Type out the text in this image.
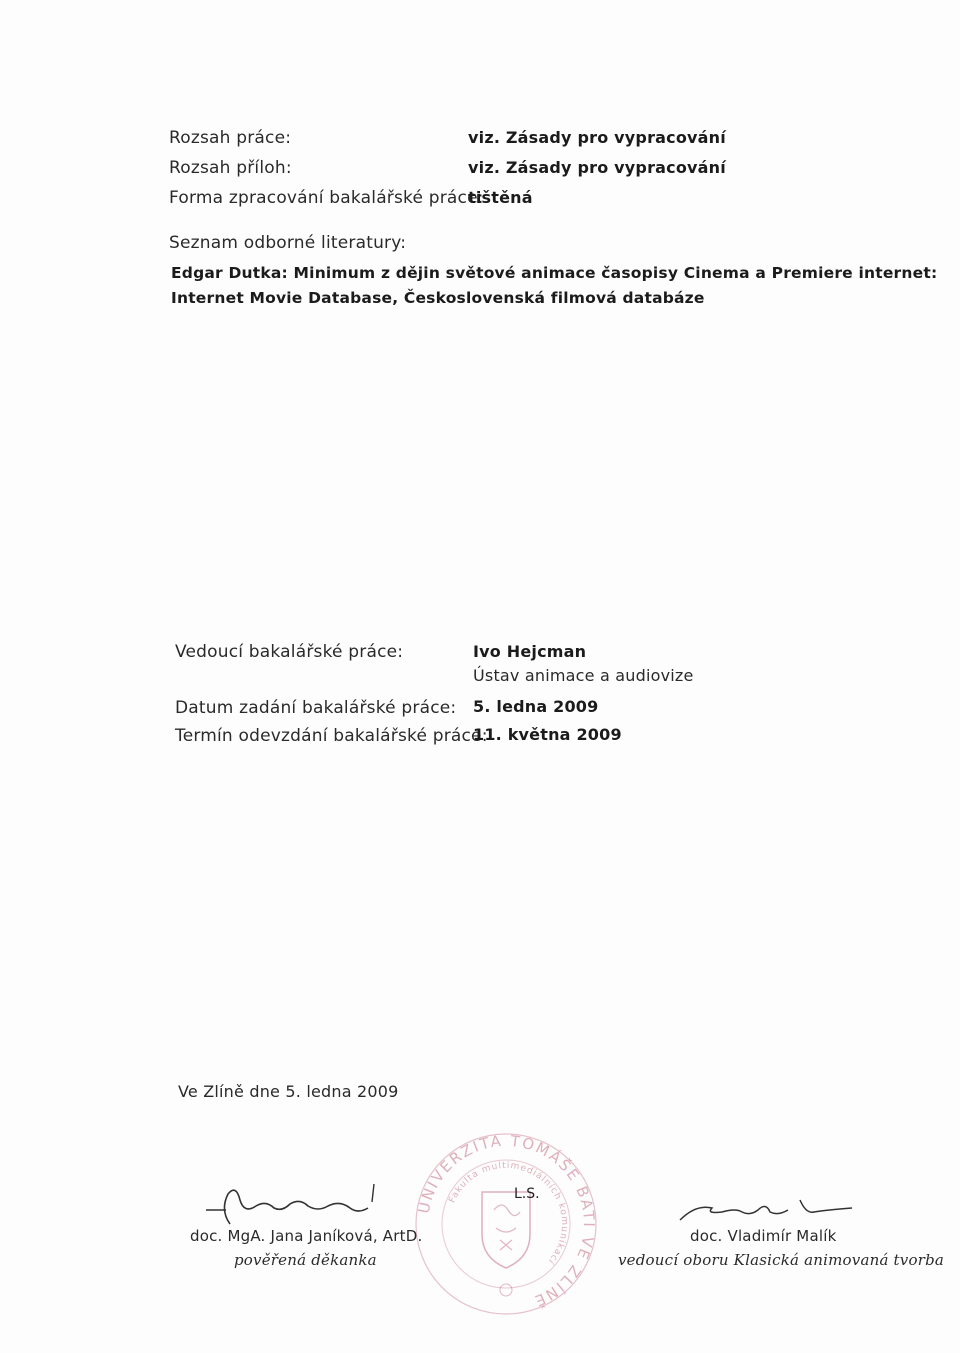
Rozsah práce:	viz. Zásady pro vypracování
Rozsah příloh:	viz. Zásady pro vypracování
Forma zpracování bakalářské práce:
tištěná
Seznam odborné literatury:
Edgar Dutka: Minimum z dějin světové animace časopisy Cinema a Premiere internet:
Internet Movie Database, Československá filmová databáze
Vedoucí bakalářské práce:	Ivo Hejcman
Ústav animace a audiovize
Datum zadání bakalářské práce: 5. ledna 2009
Termín odevzdání bakalářské práce:
11. května 2009
Ve Zlíně dne 5. ledna 2009
UNIVERZITA TOMÁŠE BATI VE ZLÍNĚ
Fakulta multimediálních komunikací
L.S.
doc. MgA. Jana Janíková, ArtD.
pověřená děkanka
doc. Vladimír Malík
vedoucí oboru Klasická animovaná tvorba
